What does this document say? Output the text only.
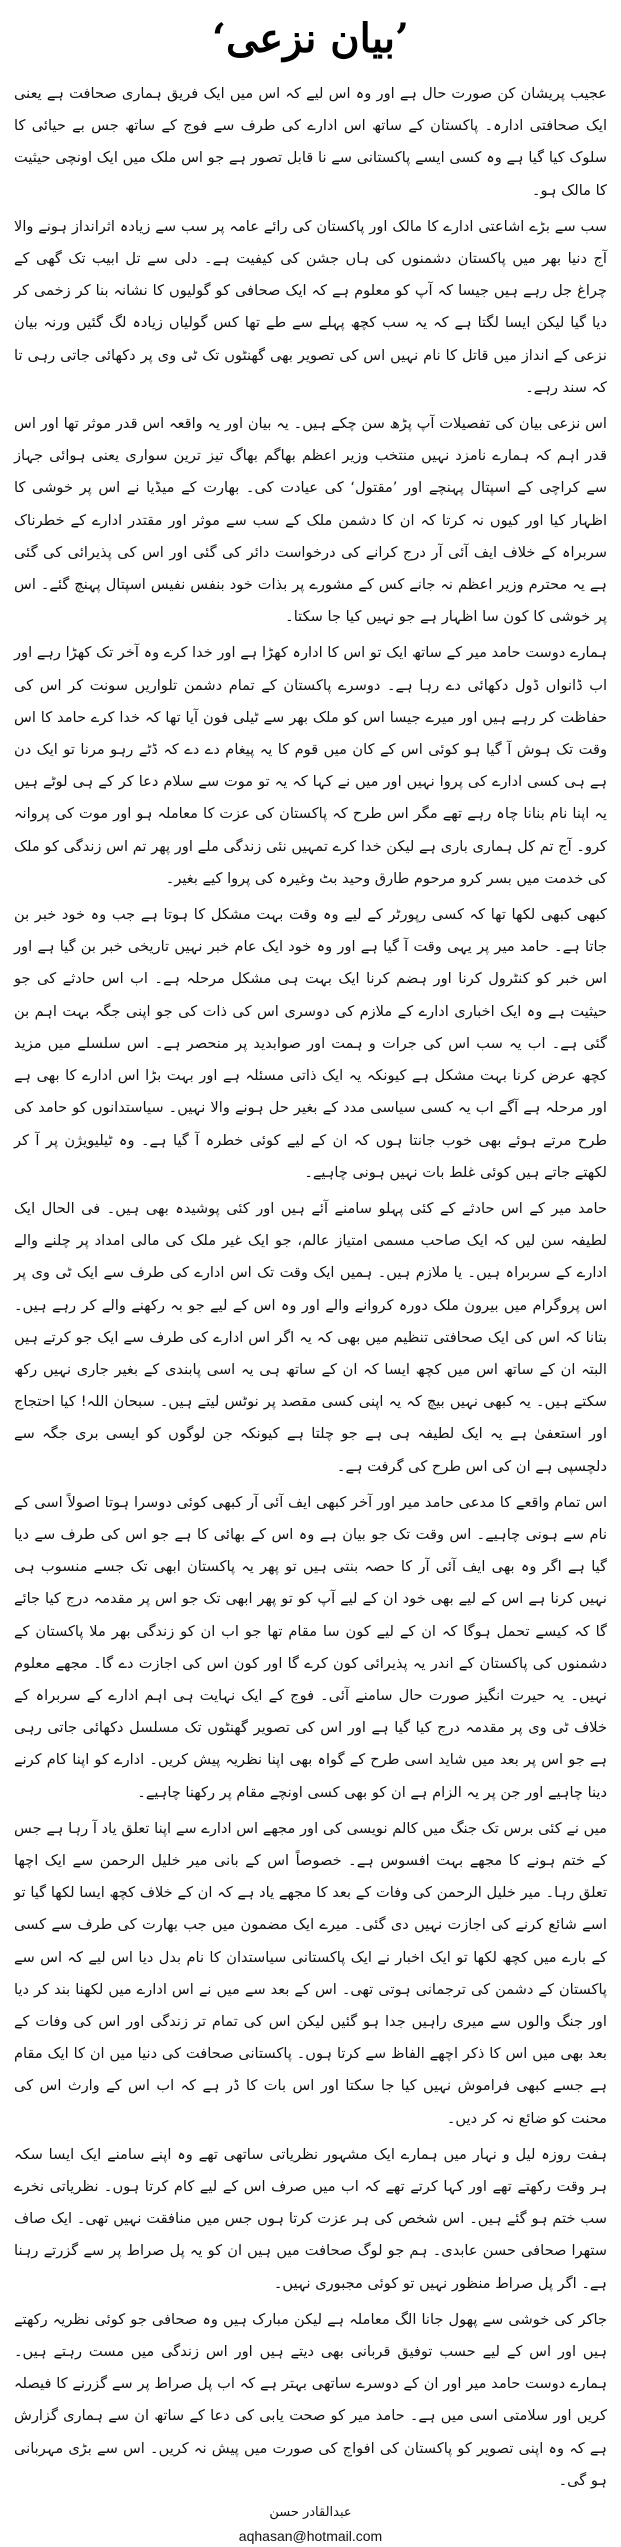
’بیان نزعی‘

عجیب پریشان کن صورت حال ہے اور وہ اس لیے کہ اس میں ایک فریق ہماری صحافت ہے یعنی ایک صحافتی ادارہ۔ پاکستان کے ساتھ اس ادارے کی طرف سے فوج کے ساتھ جس بے حیائی کا سلوک کیا گیا ہے وہ کسی ایسے پاکستانی سے نا قابل تصور ہے جو اس ملک میں ایک اونچی حیثیت کا مالک ہو۔

سب سے بڑے اشاعتی ادارے کا مالک اور پاکستان کی رائے عامہ پر سب سے زیادہ اثرانداز ہونے والا آج دنیا بھر میں پاکستان دشمنوں کی ہاں جشن کی کیفیت ہے۔ دلی سے تل ابیب تک گھی کے چراغ جل رہے ہیں جیسا کہ آپ کو معلوم ہے کہ ایک صحافی کو گولیوں کا نشانہ بنا کر زخمی کر دیا گیا لیکن ایسا لگتا ہے کہ یہ سب کچھ پہلے سے طے تھا کس گولیاں زیادہ لگ گئیں ورنہ بیان نزعی کے انداز میں قاتل کا نام نہیں اس کی تصویر بھی گھنٹوں تک ٹی وی پر دکھائی جاتی رہی تا کہ سند رہے۔

اس نزعی بیان کی تفصیلات آپ پڑھ سن چکے ہیں۔ یہ بیان اور یہ واقعہ اس قدر موثر تھا اور اس قدر اہم کہ ہمارے نامزد نہیں منتخب وزیر اعظم بھاگم بھاگ تیز ترین سواری یعنی ہوائی جہاز سے کراچی کے اسپتال پہنچے اور ’مقتول‘ کی عیادت کی۔ بھارت کے میڈیا نے اس پر خوشی کا اظہار کیا اور کیوں نہ کرتا کہ ان کا دشمن ملک کے سب سے موثر اور مقتدر ادارے کے خطرناک سربراہ کے خلاف ایف آئی آر درج کرانے کی درخواست دائر کی گئی اور اس کی پذیرائی کی گئی ہے یہ محترم وزیر اعظم نہ جانے کس کے مشورے پر بذات خود بنفس نفیس اسپتال پہنچ گئے۔ اس پر خوشی کا کون سا اظہار ہے جو نہیں کیا جا سکتا۔

ہمارے دوست حامد میر کے ساتھ ایک تو اس کا ادارہ کھڑا ہے اور خدا کرے وہ آخر تک کھڑا رہے اور اب ڈانواں ڈول دکھائی دے رہا ہے۔ دوسرے پاکستان کے تمام دشمن تلواریں سونت کر اس کی حفاظت کر رہے ہیں اور میرے جیسا اس کو ملک بھر سے ٹیلی فون آیا تھا کہ خدا کرے حامد کا اس وقت تک ہوش آ گیا ہو کوئی اس کے کان میں قوم کا یہ پیغام دے دے کہ ڈٹے رہو مرنا تو ایک دن ہے ہی کسی ادارے کی پروا نہیں اور میں نے کہا کہ یہ تو موت سے سلام دعا کر کے ہی لوٹے ہیں یہ اپنا نام بنانا چاہ رہے تھے مگر اس طرح کہ پاکستان کی عزت کا معاملہ ہو اور موت کی پروانہ کرو۔ آج تم کل ہماری باری ہے لیکن خدا کرے تمہیں نئی زندگی ملے اور پھر تم اس زندگی کو ملک کی خدمت میں بسر کرو مرحوم طارق وحید بٹ وغیرہ کی پروا کیے بغیر۔

کبھی کبھی لکھا تھا کہ کسی رپورٹر کے لیے وہ وقت بہت مشکل کا ہوتا ہے جب وہ خود خبر بن جاتا ہے۔ حامد میر پر یہی وقت آ گیا ہے اور وہ خود ایک عام خبر نہیں تاریخی خبر بن گیا ہے اور اس خبر کو کنٹرول کرنا اور ہضم کرنا ایک بہت ہی مشکل مرحلہ ہے۔ اب اس حادثے کی جو حیثیت ہے وہ ایک اخباری ادارے کے ملازم کی دوسری اس کی ذات کی جو اپنی جگہ بہت اہم بن گئی ہے۔ اب یہ سب اس کی جرات و ہمت اور صوابدید پر منحصر ہے۔ اس سلسلے میں مزید کچھ عرض کرنا بہت مشکل ہے کیونکہ یہ ایک ذاتی مسئلہ ہے اور بہت بڑا اس ادارے کا بھی ہے اور مرحلہ ہے آگے اب یہ کسی سیاسی مدد کے بغیر حل ہونے والا نہیں۔ سیاستدانوں کو حامد کی طرح مرتے ہوئے بھی خوب جانتا ہوں کہ ان کے لیے کوئی خطرہ آ گیا ہے۔ وہ ٹیلیویژن پر آ کر لکھتے جاتے ہیں کوئی غلط بات نہیں ہونی چاہیے۔

حامد میر کے اس حادثے کے کئی پہلو سامنے آئے ہیں اور کئی پوشیدہ بھی ہیں۔ فی الحال ایک لطیفہ سن لیں کہ ایک صاحب مسمی امتیاز عالم، جو ایک غیر ملک کی مالی امداد پر چلنے والے ادارے کے سربراہ ہیں۔ یا ملازم ہیں۔ ہمیں ایک وقت تک اس ادارے کی طرف سے ایک ٹی وی پر اس پروگرام میں بیرون ملک دورہ کروانے والے اور وہ اس کے لیے جو بہ رکھنے والے کر رہے ہیں۔ بتانا کہ اس کی ایک صحافتی تنظیم میں بھی کہ یہ اگر اس ادارے کی طرف سے ایک جو کرتے ہیں البتہ ان کے ساتھ اس میں کچھ ایسا کہ ان کے ساتھ ہی یہ اسی پابندی کے بغیر جاری نہیں رکھ سکتے ہیں۔ یہ کبھی نہیں بیچ کہ یہ اپنی کسی مقصد پر نوٹس لیتے ہیں۔ سبحان اللہ! کیا احتجاج اور استعفیٰ ہے یہ ایک لطیفہ ہی ہے جو چلتا ہے کیونکہ جن لوگوں کو ایسی بری جگہ سے دلچسپی ہے ان کی اس طرح کی گرفت ہے۔

اس تمام واقعے کا مدعی حامد میر اور آخر کبھی ایف آئی آر کبھی کوئی دوسرا ہوتا اصولاً اسی کے نام سے ہونی چاہیے۔ اس وقت تک جو بیان ہے وہ اس کے بھائی کا ہے جو اس کی طرف سے دیا گیا ہے اگر وہ بھی ایف آئی آر کا حصہ بنتی ہیں تو پھر یہ پاکستان ابھی تک جسے منسوب ہی نہیں کرنا ہے اس کے لیے بھی خود ان کے لیے آپ کو تو پھر ابھی تک جو اس پر مقدمہ درج کیا جائے گا کہ کیسے تحمل ہوگا کہ ان کے لیے کون سا مقام تھا جو اب ان کو زندگی بھر ملا پاکستان کے دشمنوں کی پاکستان کے اندر یہ پذیرائی کون کرے گا اور کون اس کی اجازت دے گا۔ مجھے معلوم نہیں۔ یہ حیرت انگیز صورت حال سامنے آئی۔ فوج کے ایک نہایت ہی اہم ادارے کے سربراہ کے خلاف ٹی وی پر مقدمہ درج کیا گیا ہے اور اس کی تصویر گھنٹوں تک مسلسل دکھائی جاتی رہی ہے جو اس پر بعد میں شاید اسی طرح کے گواہ بھی اپنا نظریہ پیش کریں۔ ادارے کو اپنا کام کرنے دینا چاہیے اور جن پر یہ الزام ہے ان کو بھی کسی اونچے مقام پر رکھنا چاہیے۔

میں نے کئی برس تک جنگ میں کالم نویسی کی اور مجھے اس ادارے سے اپنا تعلق یاد آ رہا ہے جس کے ختم ہونے کا مجھے بہت افسوس ہے۔ خصوصاً اس کے بانی میر خلیل الرحمن سے ایک اچھا تعلق رہا۔ میر خلیل الرحمن کی وفات کے بعد کا مجھے یاد ہے کہ ان کے خلاف کچھ ایسا لکھا گیا تو اسے شائع کرنے کی اجازت نہیں دی گئی۔ میرے ایک مضمون میں جب بھارت کی طرف سے کسی کے بارے میں کچھ لکھا تو ایک اخبار نے ایک پاکستانی سیاستدان کا نام بدل دیا اس لیے کہ اس سے پاکستان کے دشمن کی ترجمانی ہوتی تھی۔ اس کے بعد سے میں نے اس ادارے میں لکھنا بند کر دیا اور جنگ والوں سے میری راہیں جدا ہو گئیں لیکن اس کی تمام تر زندگی اور اس کی وفات کے بعد بھی میں اس کا ذکر اچھے الفاظ سے کرتا ہوں۔ پاکستانی صحافت کی دنیا میں ان کا ایک مقام ہے جسے کبھی فراموش نہیں کیا جا سکتا اور اس بات کا ڈر ہے کہ اب اس کے وارث اس کی محنت کو ضائع نہ کر دیں۔

ہفت روزہ لیل و نہار میں ہمارے ایک مشہور نظریاتی ساتھی تھے وہ اپنے سامنے ایک ایسا سکہ ہر وقت رکھتے تھے اور کہا کرتے تھے کہ اب میں صرف اس کے لیے کام کرتا ہوں۔ نظریاتی نخرے سب ختم ہو گئے ہیں۔ اس شخص کی ہر عزت کرتا ہوں جس میں منافقت نہیں تھی۔ ایک صاف ستھرا صحافی حسن عابدی۔ ہم جو لوگ صحافت میں ہیں ان کو یہ پل صراط پر سے گزرتے رہنا ہے۔ اگر پل صراط منظور نہیں تو کوئی مجبوری نہیں۔

جاکر کی خوشی سے پھول جانا الگ معاملہ ہے لیکن مبارک ہیں وہ صحافی جو کوئی نظریہ رکھتے ہیں اور اس کے لیے حسب توفیق قربانی بھی دیتے ہیں اور اس زندگی میں مست رہتے ہیں۔ ہمارے دوست حامد میر اور ان کے دوسرے ساتھی بہتر ہے کہ اب پل صراط پر سے گزرنے کا فیصلہ کریں اور سلامتی اسی میں ہے۔ حامد میر کو صحت یابی کی دعا کے ساتھ ان سے ہماری گزارش ہے کہ وہ اپنی تصویر کو پاکستان کی افواج کی صورت میں پیش نہ کریں۔ اس سے بڑی مہربانی ہو گی۔

عبدالقادر حسن
aqhasan@hotmail.com
